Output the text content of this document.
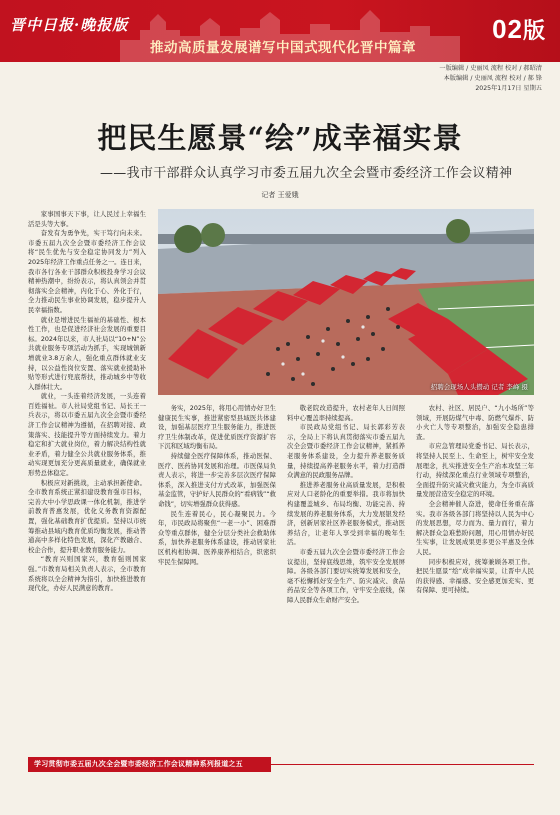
晋中日报·晚报版
推动高质量发展谱写中国式现代化晋中篇章
02版
一版编辑 / 史丽凤 流程 校对 / 郝昭清
本版编辑 / 史丽凤 流程 校对 / 郝 锋
2025年1月17日 星期五
把民生愿景“绘”成幸福实景
——我市干部群众认真学习市委五届九次全会暨市委经济工作会议精神
记者 王爱娥
招聘会现场人头攒动 记者 李峰 摄

家事国事天下事，让人民过上幸福生活是头等大事。

奋发有为勇争先，实干笃行向未来。市委五届九次全会暨市委经济工作会议将“民生优先与安全稳定协同发力”列入2025年经济工作重点任务之一。连日来，我市各行各业干部群众积极投身学习会议精神热潮中，纷纷表示，将认真领会并贯彻落实全会精神，内化于心、外化于行，全力推动民生事业协调发展，稳步提升人民幸福指数。

就业是增进民生福祉的基础性、根本性工作，也是促进经济社会发展的重要目标。2024年以来，市人社局以“10+N”公共就业服务专项活动为抓手，实现城镇新增就业3.8万余人，强化重点群体就业支持，以公益性岗位安置、落实就业援助补贴等形式进行兜底帮扶，推动城乡中等收入群体壮大。

就业，一头连着经济发展，一头连着百姓福祉。市人社局党组书记、局长王一兵表示，将以市委五届九次全会暨市委经济工作会议精神为遵循，在招聘对接、政策落实、技能提升等方面持续发力。着力稳定和扩大就业岗位，着力解决结构性就业矛盾，着力健全公共就业服务体系，推动实现更加充分更高质量就业，确保就业形势总体稳定。

积极应对新挑战，主动承担新使命。全市教育系统正紧扣建设教育强市目标，完善大中小学思政课一体化机制，推进学前教育普惠发展，优化义务教育资源配置，强化基础教育扩优提质。坚持以市统筹推动县域内教育优质均衡发展，推动普通高中多样化特色发展，深化产教融合、校企合作，提升职业教育服务能力。

“教育兴则国家兴，教育强则国家强。”市教育局相关负责人表示，全市教育系统将以全会精神为指引，加快推进教育现代化，办好人民满意的教育。

务实，2025年，将用心用情办好卫生健康民生实事，推进紧密型县域医共体建设，加强基层医疗卫生服务能力，推进医疗卫生体制改革，促进优质医疗资源扩容下沉和区域均衡布局。

持续健全医疗保障体系，推动医保、医疗、医药协同发展和治理。市医保局负责人表示，将进一步完善多层次医疗保障体系，深入推进支付方式改革，加强医保基金监管，守护好人民群众的“看病钱”“救命钱”，切实增强群众获得感。

民生连着民心，民心凝聚民力。今年，市民政局将聚焦“一老一小”、困难群众等重点群体，健全分层分类社会救助体系，加快养老服务体系建设，推动居家社区机构相协调、医养康养相结合，织密织牢民生保障网。

敬老院改造提升，农村老年人日间照料中心覆盖率持续提高。

市民政局党组书记、局长郭彩芳表示，全局上下将认真贯彻落实市委五届九次全会暨市委经济工作会议精神，紧抓养老服务体系建设，全力提升养老服务质量，持续提高养老服务水平，着力打造群众满意的民政服务品牌。

推进养老服务业高质量发展，是积极应对人口老龄化的重要举措。我市将加快构建覆盖城乡、布局均衡、功能完善、持续发展的养老服务体系，大力发展银发经济，创新居家社区养老服务模式，推动医养结合，让老年人享受到幸福的晚年生活。

市委五届九次全会暨市委经济工作会议提出，坚持底线思维，筑牢安全发展屏障。各级各部门要切实统筹发展和安全，毫不松懈抓好安全生产、防灾减灾、食品药品安全等各项工作，守牢安全底线，保障人民群众生命财产安全。

农村、社区、居民户、“九小场所”等领域，开展防煤气中毒、防燃气爆炸、防小火亡人等专项整治，加强安全隐患排查。

市应急管理局党委书记、局长表示，将坚持人民至上、生命至上，树牢安全发展理念，扎实推进安全生产治本攻坚三年行动，持续深化重点行业领域专项整治，全面提升防灾减灾救灾能力，为全市高质量发展营造安全稳定的环境。

全会精神催人奋进，使命任务重在落实。我市各级各部门将坚持以人民为中心的发展思想，尽力而为、量力而行，着力解决群众急难愁盼问题，用心用情办好民生实事，让发展成果更多更公平惠及全体人民。

同步积极应对，统筹兼顾各项工作。把民生愿景“绘”成幸福实景，让晋中人民的获得感、幸福感、安全感更加充实、更有保障、更可持续。

学习贯彻市委五届九次全会暨市委经济工作会议精神系列报道之五
